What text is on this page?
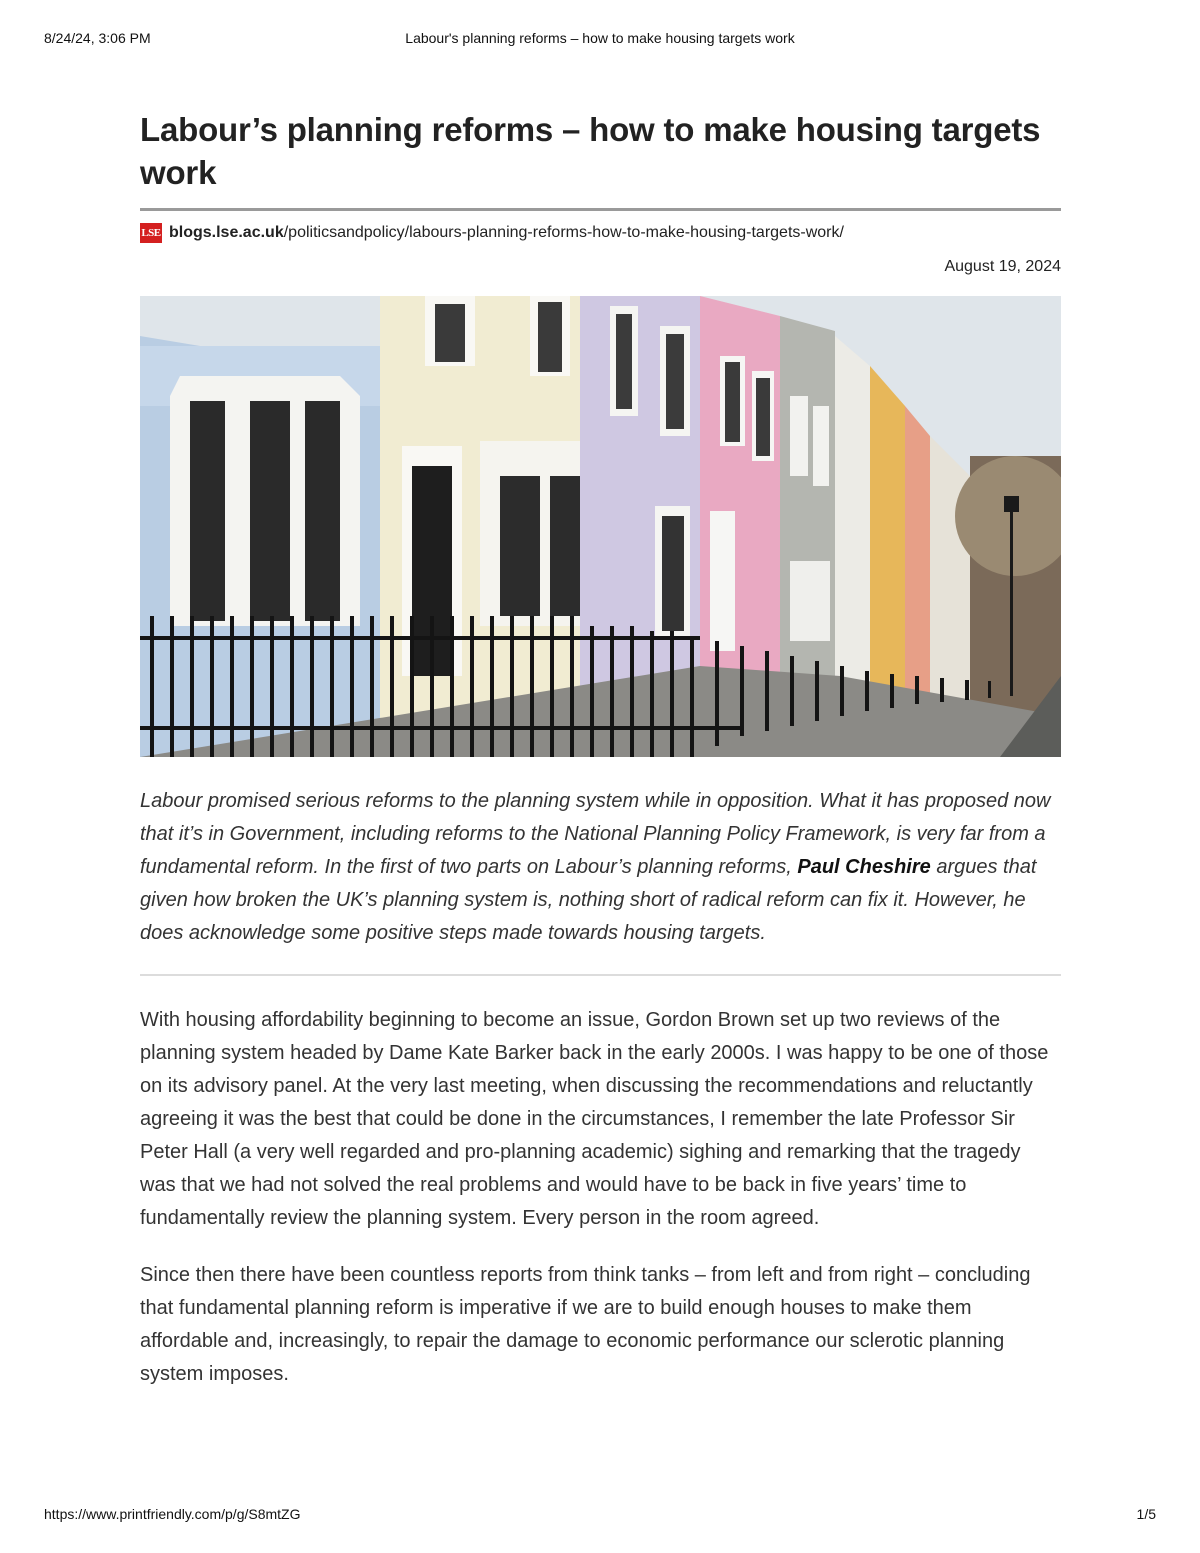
8/24/24, 3:06 PM	Labour's planning reforms – how to make housing targets work
Labour’s planning reforms – how to make housing targets work
LSE blogs.lse.ac.uk /politicsandpolicy/labours-planning-reforms-how-to-make-housing-targets-work/
August 19, 2024

Labour promised serious reforms to the planning system while in opposition. What it has proposed now that it’s in Government, including reforms to the National Planning Policy Framework, is very far from a fundamental reform. In the first of two parts on Labour’s planning reforms, Paul Cheshire argues that given how broken the UK’s planning system is, nothing short of radical reform can fix it. However, he does acknowledge some positive steps made towards housing targets.

With housing affordability beginning to become an issue, Gordon Brown set up two reviews of the planning system headed by Dame Kate Barker back in the early 2000s. I was happy to be one of those on its advisory panel. At the very last meeting, when discussing the recommendations and reluctantly agreeing it was the best that could be done in the circumstances, I remember the late Professor Sir Peter Hall (a very well regarded and pro-planning academic) sighing and remarking that the tragedy was that we had not solved the real problems and would have to be back in five years’ time to fundamentally review the planning system. Every person in the room agreed.

Since then there have been countless reports from think tanks – from left and from right – concluding that fundamental planning reform is imperative if we are to build enough houses to make them affordable and, increasingly, to repair the damage to economic performance our sclerotic planning system imposes.

https://www.printfriendly.com/p/g/S8mtZG	1/5
